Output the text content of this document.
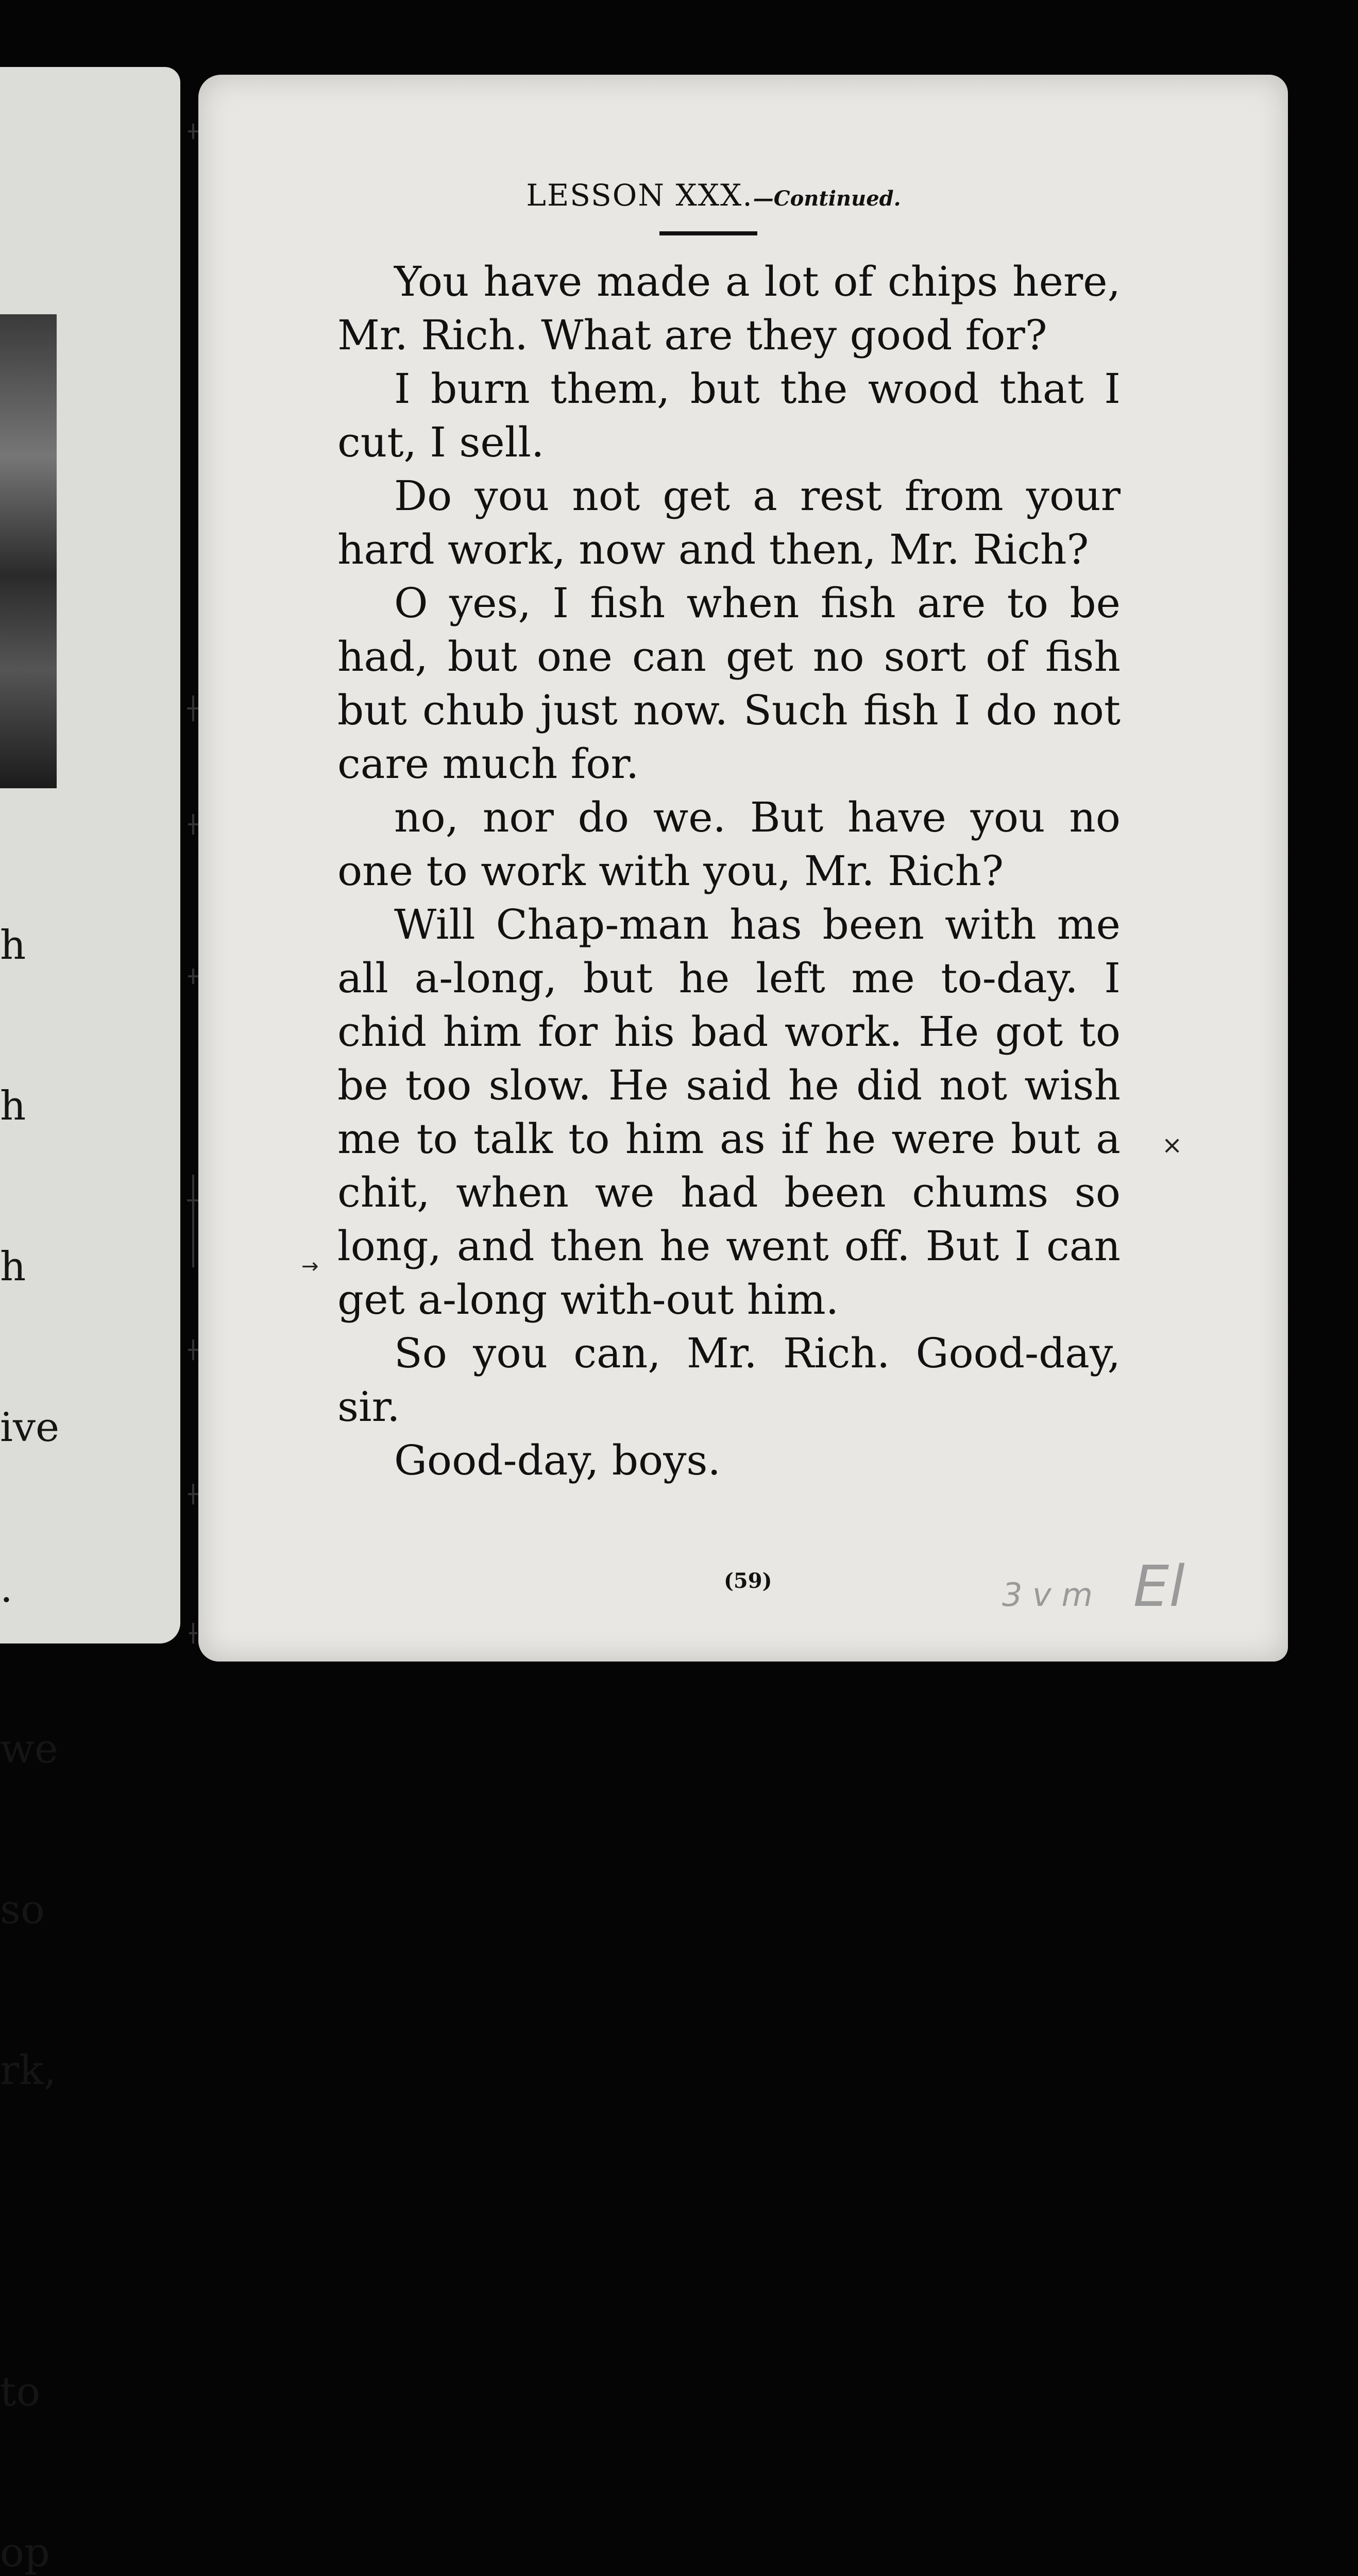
h

h

h

ive

.

we

so

rk,

to

op

LESSON XXX.—Continued.

You have made a lot of chips here, Mr. Rich. What are they good for?

I burn them, but the wood that I cut, I sell.

Do you not get a rest from your hard work, now and then, Mr. Rich?

O yes, I fish when fish are to be had, but one can get no sort of fish but chub just now. Such fish I do not care much for.

no, nor do we. But have you no one to work with you, Mr. Rich?

Will Chap-man has been with me all a-long, but he left me to-day. I chid him for his bad work. He got to be too slow. He said he did not wish me to talk to him as if he were but a chit, when we had been chums so long, and then he went off. But I can get a-long with-out him.

So you can, Mr. Rich. Good-day, sir.

Good-day, boys.

(59)	3 v m El
×
→
